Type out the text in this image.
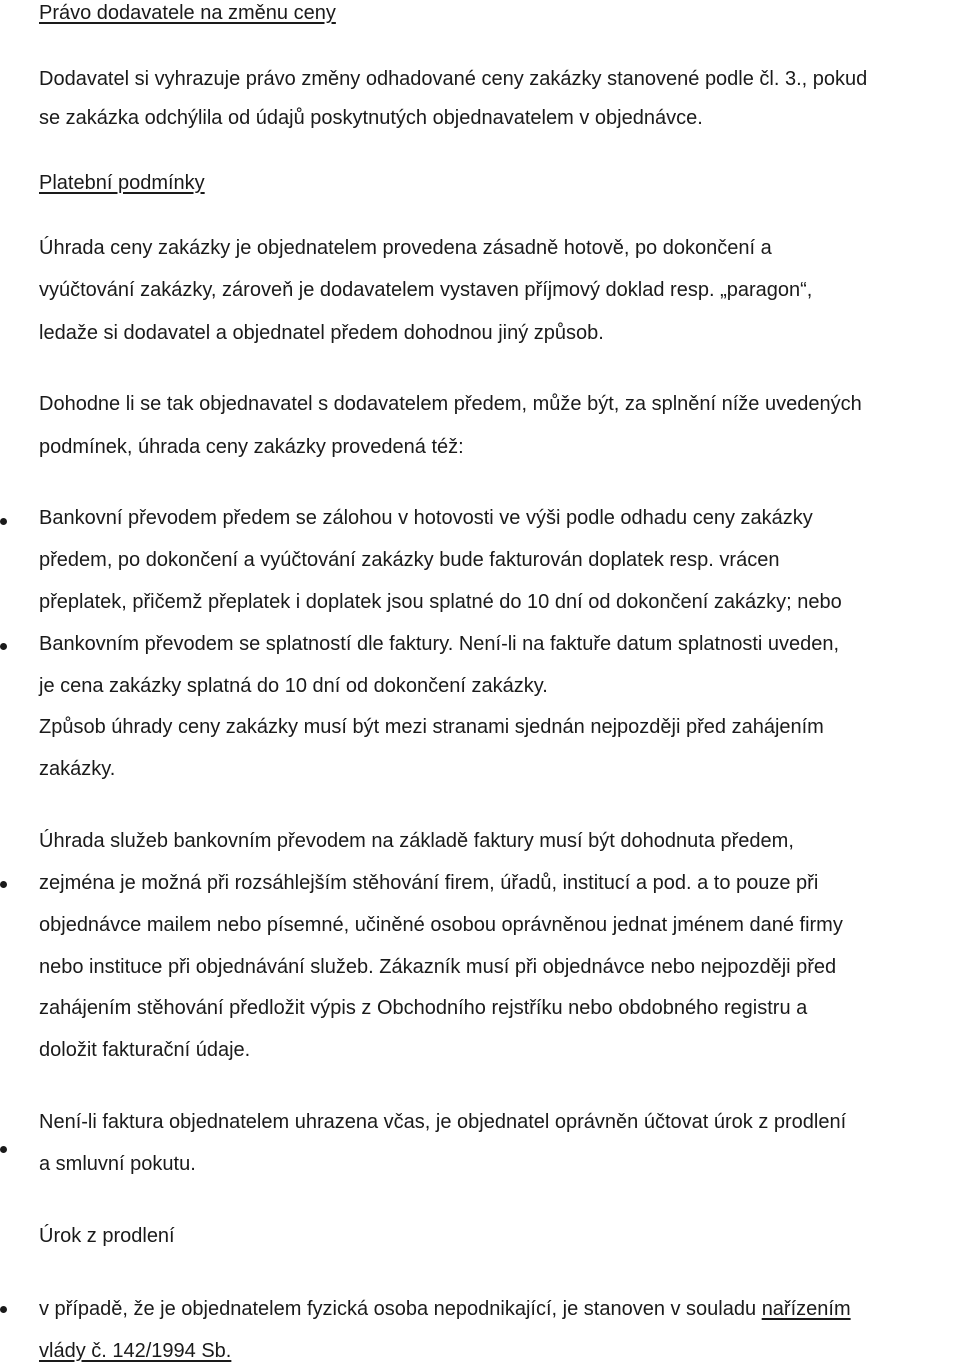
Právo dodavatele na změnu ceny
Dodavatel si vyhrazuje právo změny odhadované ceny zakázky stanovené podle čl. 3., pokud
se zakázka odchýlila od údajů poskytnutých objednavatelem v objednávce.
Platební podmínky
Úhrada ceny zakázky je objednatelem provedena zásadně hotově, po dokončení a
vyúčtování zakázky, zároveň je dodavatelem vystaven příjmový doklad resp. „paragon“,
ledaže si dodavatel a objednatel předem dohodnou jiný způsob.
Dohodne li se tak objednavatel s dodavatelem předem, může být, za splnění níže uvedených
podmínek, úhrada ceny zakázky provedená též:
Bankovní převodem předem se zálohou v hotovosti ve výši podle odhadu ceny zakázky
předem, po dokončení a vyúčtování zakázky bude fakturován doplatek resp. vrácen
přeplatek, přičemž přeplatek i doplatek jsou splatné do 10 dní od dokončení zakázky; nebo
Bankovním převodem se splatností dle faktury. Není-li na faktuře datum splatnosti uveden,
je cena zakázky splatná do 10 dní od dokončení zakázky.
Způsob úhrady ceny zakázky musí být mezi stranami sjednán nejpozději před zahájením
zakázky.
Úhrada služeb bankovním převodem na základě faktury musí být dohodnuta předem,
zejména je možná při rozsáhlejším stěhování firem, úřadů, institucí a pod. a to pouze při
objednávce mailem nebo písemné, učiněné osobou oprávněnou jednat jménem dané firmy
nebo instituce při objednávání služeb. Zákazník musí při objednávce nebo nejpozději před
zahájením stěhování předložit výpis z Obchodního rejstříku nebo obdobného registru a
doložit fakturační údaje.
Není-li faktura objednatelem uhrazena včas, je objednatel oprávněn účtovat úrok z prodlení
a smluvní pokutu.
Úrok z prodlení
v případě, že je objednatelem fyzická osoba nepodnikající, je stanoven v souladu nařízením
vlády č. 142/1994 Sb.
